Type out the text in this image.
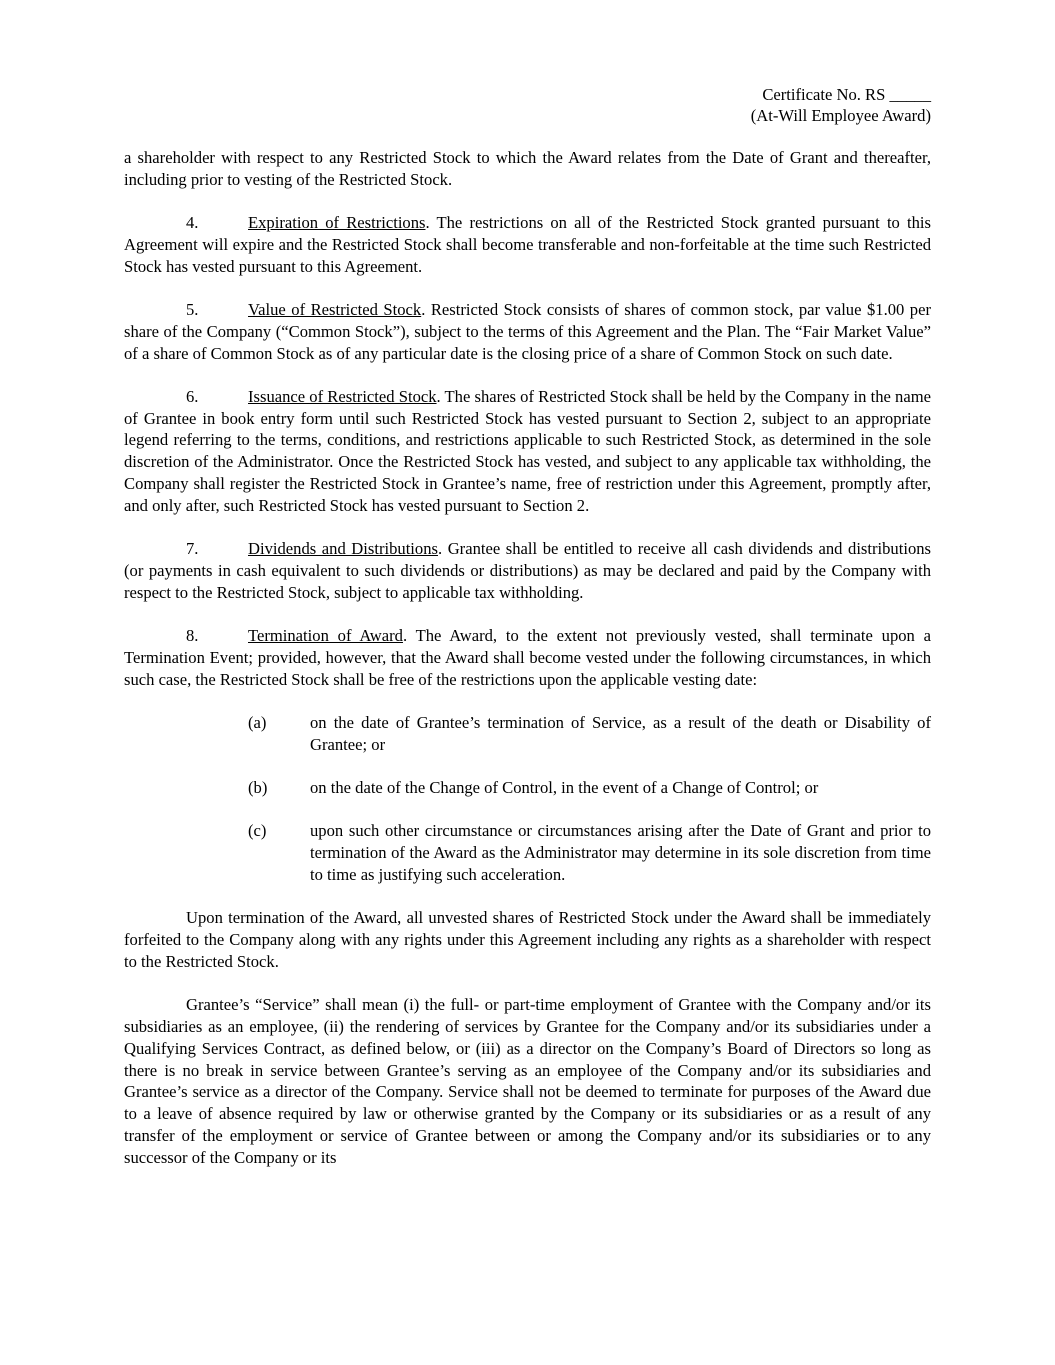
Certificate No. RS _____
(At-Will Employee Award)

a shareholder with respect to any Restricted Stock to which the Award relates from the Date of Grant and thereafter, including prior to vesting of the Restricted Stock.

4.	Expiration of Restrictions. The restrictions on all of the Restricted Stock granted pursuant to this Agreement will expire and the Restricted Stock shall become transferable and non-forfeitable at the time such Restricted Stock has vested pursuant to this Agreement.

5.	Value of Restricted Stock. Restricted Stock consists of shares of common stock, par value $1.00 per share of the Company (“Common Stock”), subject to the terms of this Agreement and the Plan. The “Fair Market Value” of a share of Common Stock as of any particular date is the closing price of a share of Common Stock on such date.

6.	Issuance of Restricted Stock. The shares of Restricted Stock shall be held by the Company in the name of Grantee in book entry form until such Restricted Stock has vested pursuant to Section 2, subject to an appropriate legend referring to the terms, conditions, and restrictions applicable to such Restricted Stock, as determined in the sole discretion of the Administrator. Once the Restricted Stock has vested, and subject to any applicable tax withholding, the Company shall register the Restricted Stock in Grantee’s name, free of restriction under this Agreement, promptly after, and only after, such Restricted Stock has vested pursuant to Section 2.

7.	Dividends and Distributions. Grantee shall be entitled to receive all cash dividends and distributions (or payments in cash equivalent to such dividends or distributions) as may be declared and paid by the Company with respect to the Restricted Stock, subject to applicable tax withholding.

8.	Termination of Award. The Award, to the extent not previously vested, shall terminate upon a Termination Event; provided, however, that the Award shall become vested under the following circumstances, in which such case, the Restricted Stock shall be free of the restrictions upon the applicable vesting date:

(a)	on the date of Grantee’s termination of Service, as a result of the death or Disability of Grantee; or
(b)	on the date of the Change of Control, in the event of a Change of Control; or
(c)	upon such other circumstance or circumstances arising after the Date of Grant and prior to termination of the Award as the Administrator may determine in its sole discretion from time to time as justifying such acceleration.

Upon termination of the Award, all unvested shares of Restricted Stock under the Award shall be immediately forfeited to the Company along with any rights under this Agreement including any rights as a shareholder with respect to the Restricted Stock.

Grantee’s “Service” shall mean (i) the full- or part-time employment of Grantee with the Company and/or its subsidiaries as an employee, (ii) the rendering of services by Grantee for the Company and/or its subsidiaries under a Qualifying Services Contract, as defined below, or (iii) as a director on the Company’s Board of Directors so long as there is no break in service between Grantee’s serving as an employee of the Company and/or its subsidiaries and Grantee’s service as a director of the Company. Service shall not be deemed to terminate for purposes of the Award due to a leave of absence required by law or otherwise granted by the Company or its subsidiaries or as a result of any transfer of the employment or service of Grantee between or among the Company and/or its subsidiaries or to any successor of the Company or its
